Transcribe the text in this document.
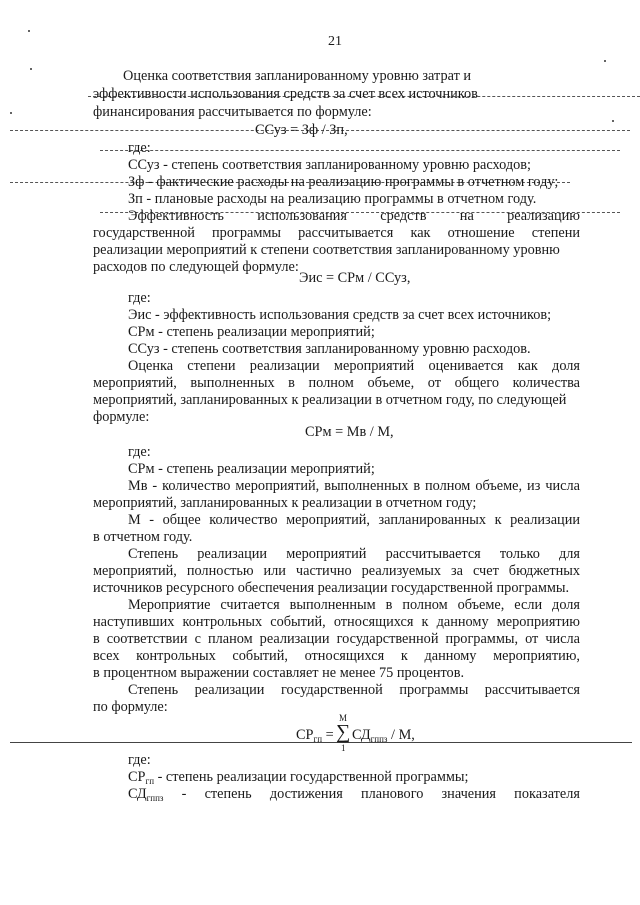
21
Оценка соответствия запланированному уровню затрат и
эффективности использования средств за счет всех источников
финансирования рассчитывается по формуле:
ССуз = Зф / Зп,
где:
ССуз - степень соответствия запланированному уровню расходов;
Зф - фактические расходы на реализацию программы в отчетном году;
Зп - плановые расходы на реализацию программы в отчетном году.
Эффективность использования средств на реализацию
государственной программы рассчитывается как отношение степени
реализации мероприятий к степени соответствия запланированному уровню
расходов по следующей формуле:
Эис = СРм / ССуз,
где:
Эис - эффективность использования средств за счет всех источников;
СРм - степень реализации мероприятий;
ССуз - степень соответствия запланированному уровню расходов.
Оценка степени реализации мероприятий оценивается как доля
мероприятий, выполненных в полном объеме, от общего количества
мероприятий, запланированных к реализации в отчетном году, по следующей
формуле:
СРм = Мв / М,
где:
СРм - степень реализации мероприятий;
Мв - количество мероприятий, выполненных в полном объеме, из числа
мероприятий, запланированных к реализации в отчетном году;
М - общее количество мероприятий, запланированных к реализации
в отчетном году.
Степень реализации мероприятий рассчитывается только для
мероприятий, полностью или частично реализуемых за счет бюджетных
источников ресурсного обеспечения реализации государственной программы.
Мероприятие считается выполненным в полном объеме, если доля
наступивших контрольных событий, относящихся к данному мероприятию
в соответствии с планом реализации государственной программы, от числа
всех контрольных событий, относящихся к данному мероприятию,
в процентном выражении составляет не менее 75 процентов.
Степень реализации государственной программы рассчитывается
по формуле:
$СР_{гп}$ =
M
∑
1
$СД_{гппз}$ / М,
где:
$СР_{гп}$ - степень реализации государственной программы;
$СД_{гппз}$ - степень достижения планового значения показателя
